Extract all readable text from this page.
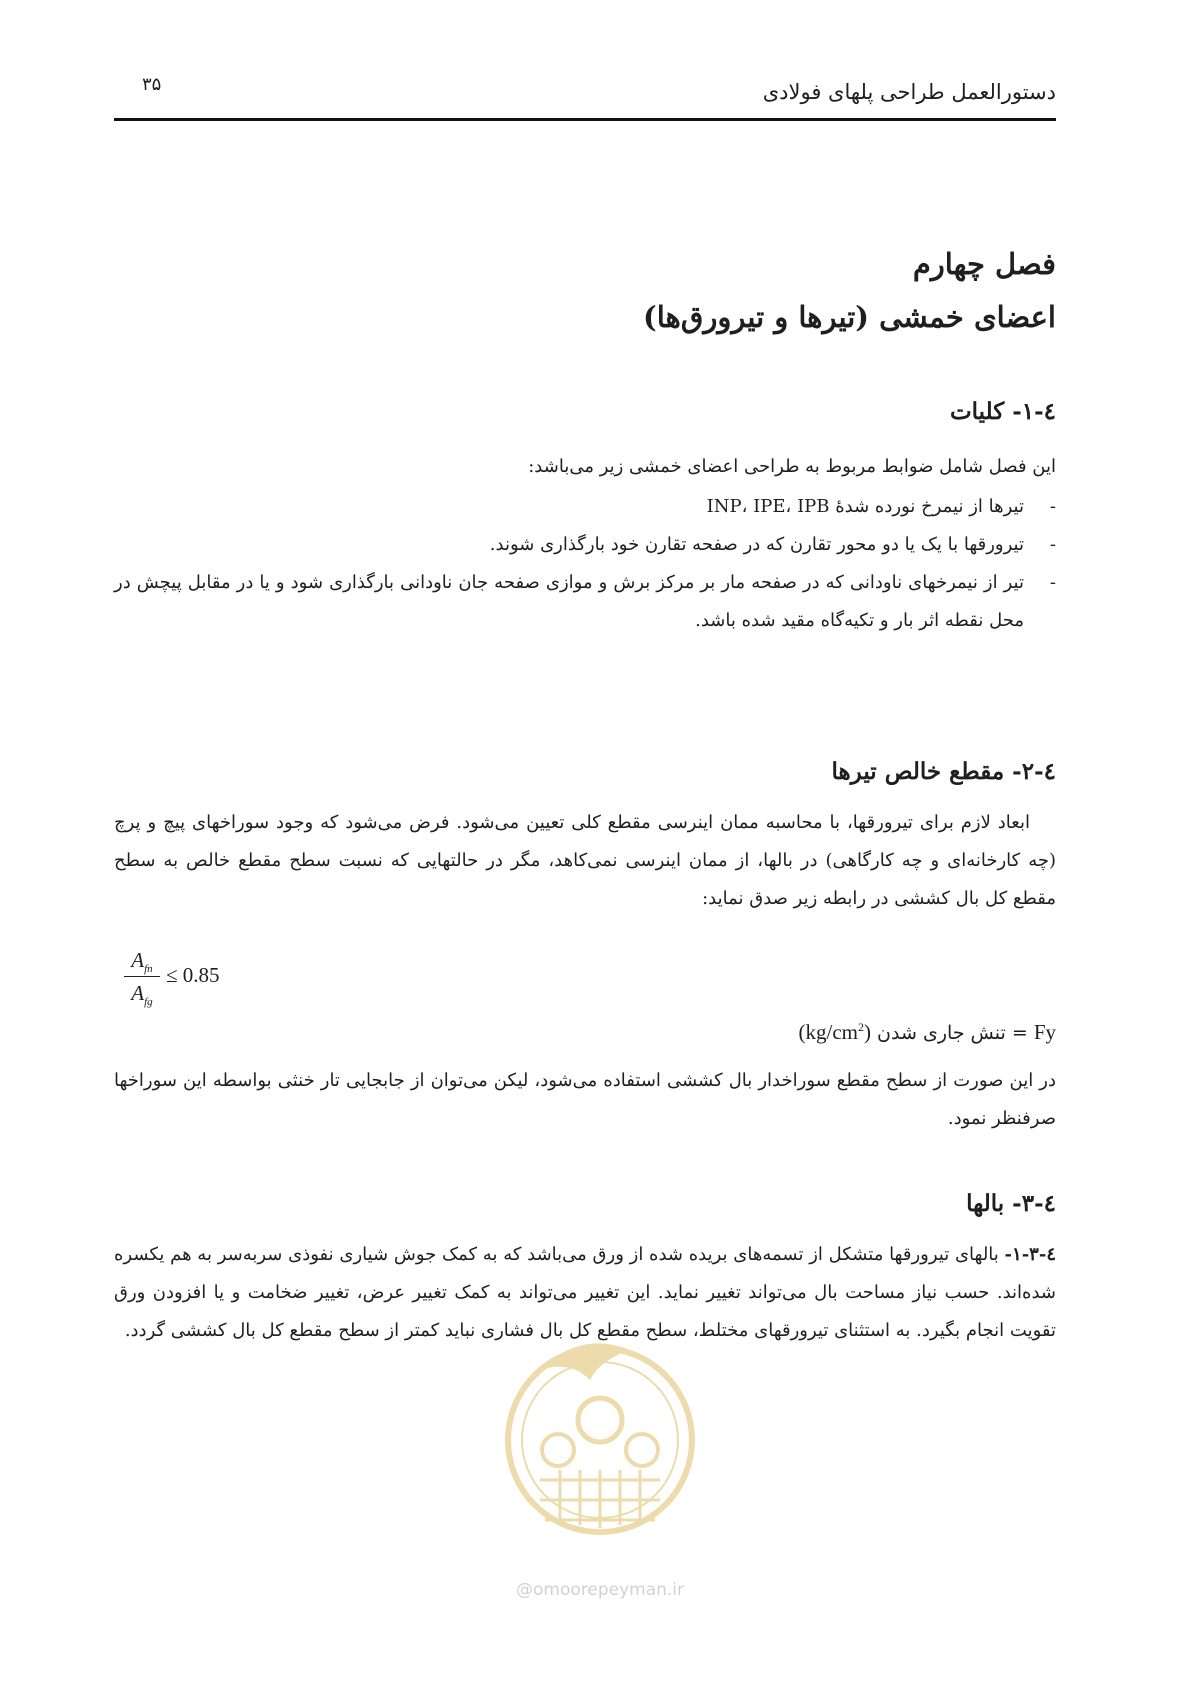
دستورالعمل طراحی پلهای فولادی
۳۵
فصل چهارم
اعضای خمشی (تیرها و تیرورق‌ها)
٤-١- کلیات

این فصل شامل ضوابط مربوط به طراحی اعضای خمشی زیر می‌باشد:

-
تیرها از نیمرخ نورده شدۀ INP، IPE، IPB
-
تیرورقها با یک یا دو محور تقارن که در صفحه تقارن خود بارگذاری شوند.
-
تیر از نیمرخهای ناودانی که در صفحه مار بر مرکز برش و موازی صفحه جان ناودانی بارگذاری شود و یا در مقابل پیچش در محل نقطه اثر بار و تکیه‌گاه مقید شده باشد.
٤-٢- مقطع خالص تیرها

ابعاد لازم برای تیرورقها، با محاسبه ممان اینرسی مقطع کلی تعیین می‌شود. فرض می‌شود که وجود سوراخهای پیچ و پرچ (چه کارخانه‌ای و چه کارگاهی) در بالها، از ممان اینرسی نمی‌کاهد، مگر در حالتهایی که نسبت سطح مقطع خالص به سطح مقطع کل بال کششی در رابطه زیر صدق نماید:

$A_{fn}$
$A_{fg}$
≤ 0.85
Fy = تنش جاری شدن $(kg/cm^2)$

در این صورت از سطح مقطع سوراخدار بال کششی استفاده می‌شود، لیکن می‌توان از جابجایی تار خنثی بواسطه این سوراخها صرفنظر نمود.

٤-٣- بالها

٤-٣-١- بالهای تیرورقها متشکل از تسمه‌های بریده شده از ورق می‌باشد که به کمک جوش شیاری نفوذی سربه‌سر به هم یکسره شده‌اند. حسب نیاز مساحت بال می‌تواند تغییر نماید. این تغییر می‌تواند به کمک تغییر عرض، تغییر ضخامت و یا افزودن ورق تقویت انجام بگیرد. به استثنای تیرورقهای مختلط، سطح مقطع کل بال فشاری نباید کمتر از سطح مقطع کل بال کششی گردد.

@omoorepeyman.ir
